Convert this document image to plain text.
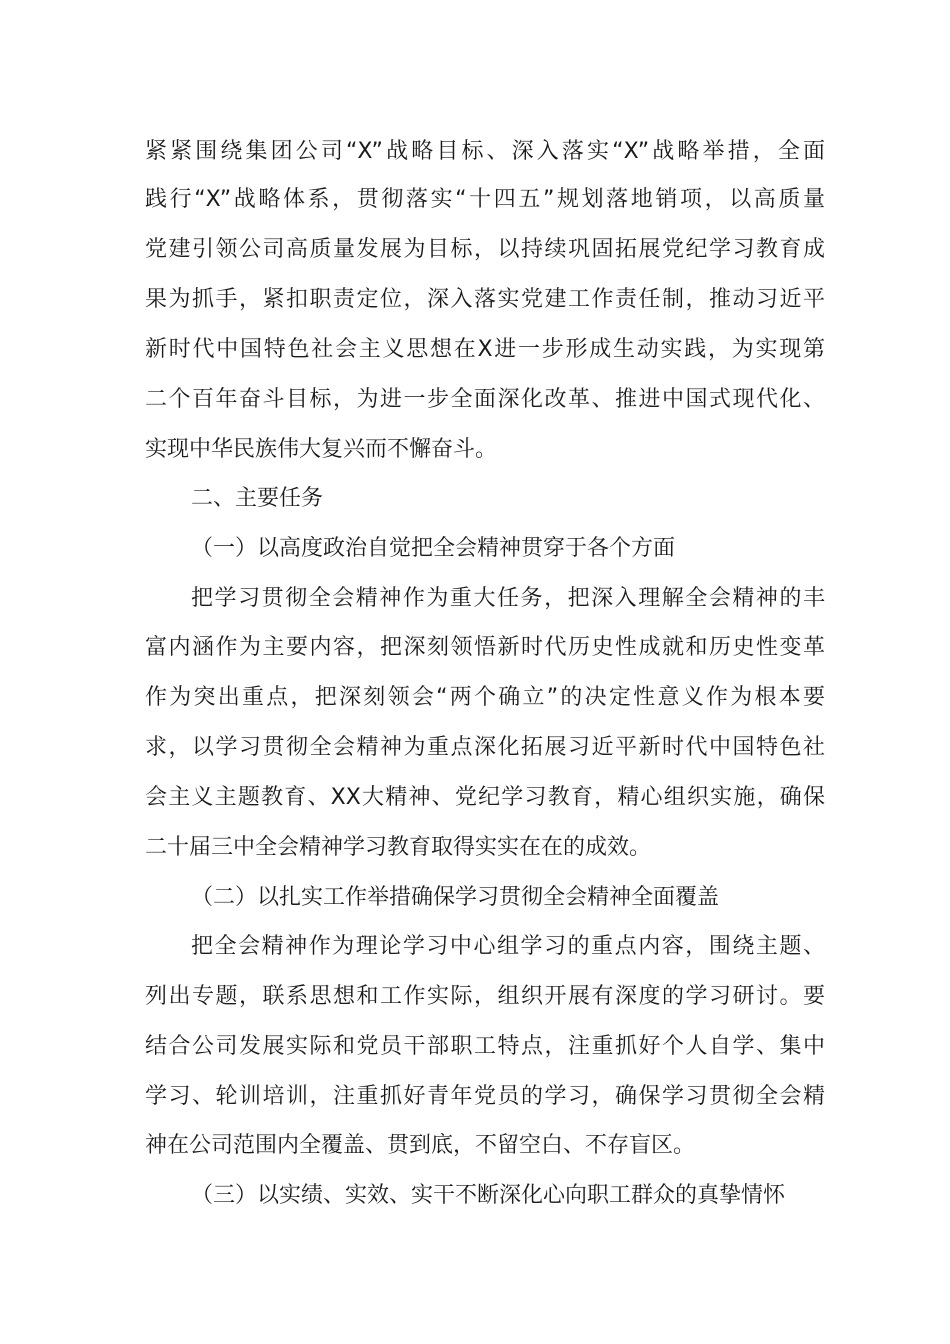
紧紧围绕集团公司“X”战略目标、深入落实“X”战略举措，全面
践行“X”战略体系，贯彻落实“十四五”规划落地销项，以高质量
党建引领公司高质量发展为目标，以持续巩固拓展党纪学习教育成
果为抓手，紧扣职责定位，深入落实党建工作责任制，推动习近平
新时代中国特色社会主义思想在X进一步形成生动实践，为实现第
二个百年奋斗目标，为进一步全面深化改革、推进中国式现代化、
实现中华民族伟大复兴而不懈奋斗。
二、主要任务
（一）以高度政治自觉把全会精神贯穿于各个方面
把学习贯彻全会精神作为重大任务，把深入理解全会精神的丰
富内涵作为主要内容，把深刻领悟新时代历史性成就和历史性变革
作为突出重点，把深刻领会“两个确立”的决定性意义作为根本要
求，以学习贯彻全会精神为重点深化拓展习近平新时代中国特色社
会主义主题教育、XX大精神、党纪学习教育，精心组织实施，确保
二十届三中全会精神学习教育取得实实在在的成效。
（二）以扎实工作举措确保学习贯彻全会精神全面覆盖
把全会精神作为理论学习中心组学习的重点内容，围绕主题、
列出专题，联系思想和工作实际，组织开展有深度的学习研讨。要
结合公司发展实际和党员干部职工特点，注重抓好个人自学、集中
学习、轮训培训，注重抓好青年党员的学习，确保学习贯彻全会精
神在公司范围内全覆盖、贯到底，不留空白、不存盲区。
（三）以实绩、实效、实干不断深化心向职工群众的真挚情怀
